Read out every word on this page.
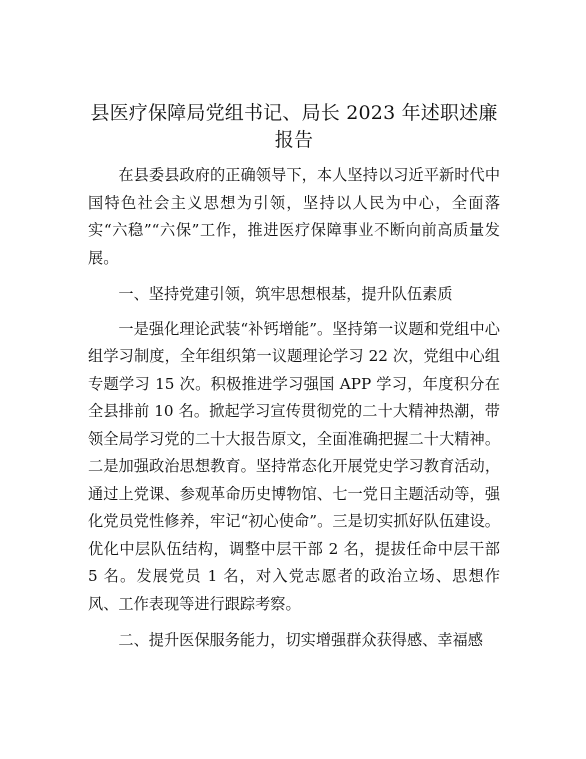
县医疗保障局党组书记、局长 2023 年述职述廉报告

在县委县政府的正确领导下，本人坚持以习近平新时代中国特色社会主义思想为引领，坚持以人民为中心，全面落实“六稳”“六保”工作，推进医疗保障事业不断向前高质量发展。

一、坚持党建引领，筑牢思想根基，提升队伍素质

一是强化理论武装“补钙增能”。坚持第一议题和党组中心组学习制度，全年组织第一议题理论学习 22 次，党组中心组专题学习 15 次。积极推进学习强国 APP 学习，年度积分在全县排前 10 名。掀起学习宣传贯彻党的二十大精神热潮，带领全局学习党的二十大报告原文，全面准确把握二十大精神。二是加强政治思想教育。坚持常态化开展党史学习教育活动，通过上党课、参观革命历史博物馆、七一党日主题活动等，强化党员党性修养，牢记“初心使命”。三是切实抓好队伍建设。优化中层队伍结构，调整中层干部 2 名，提拔任命中层干部 5 名。发展党员 1 名，对入党志愿者的政治立场、思想作风、工作表现等进行跟踪考察。

二、提升医保服务能力，切实增强群众获得感、幸福感
